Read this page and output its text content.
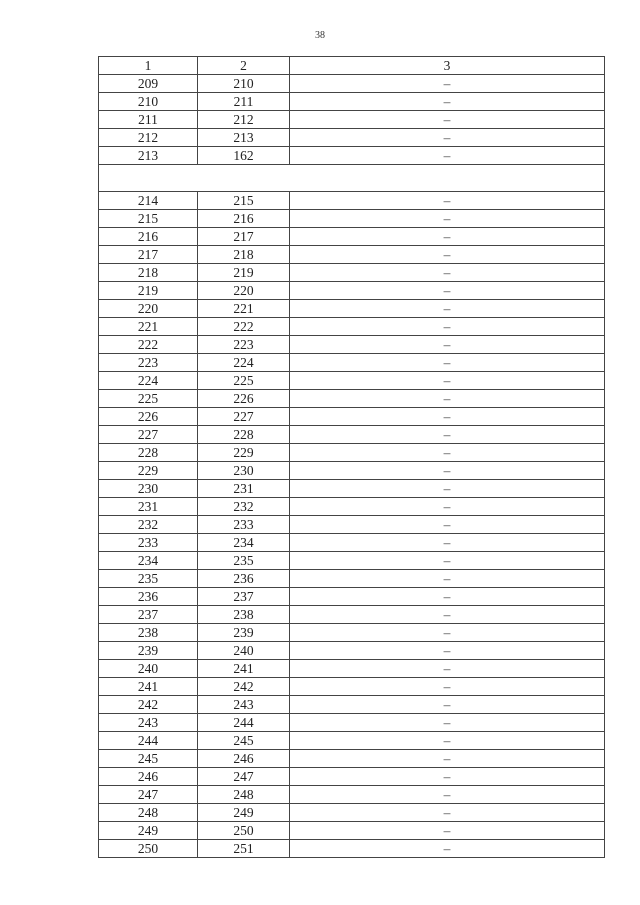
38
1	2	3
209	210	–
210	211	–
211	212	–
212	213	–
213	162	–

214	215	–
215	216	–
216	217	–
217	218	–
218	219	–
219	220	–
220	221	–
221	222	–
222	223	–
223	224	–
224	225	–
225	226	–
226	227	–
227	228	–
228	229	–
229	230	–
230	231	–
231	232	–
232	233	–
233	234	–
234	235	–
235	236	–
236	237	–
237	238	–
238	239	–
239	240	–
240	241	–
241	242	–
242	243	–
243	244	–
244	245	–
245	246	–
246	247	–
247	248	–
248	249	–
249	250	–
250	251	–
